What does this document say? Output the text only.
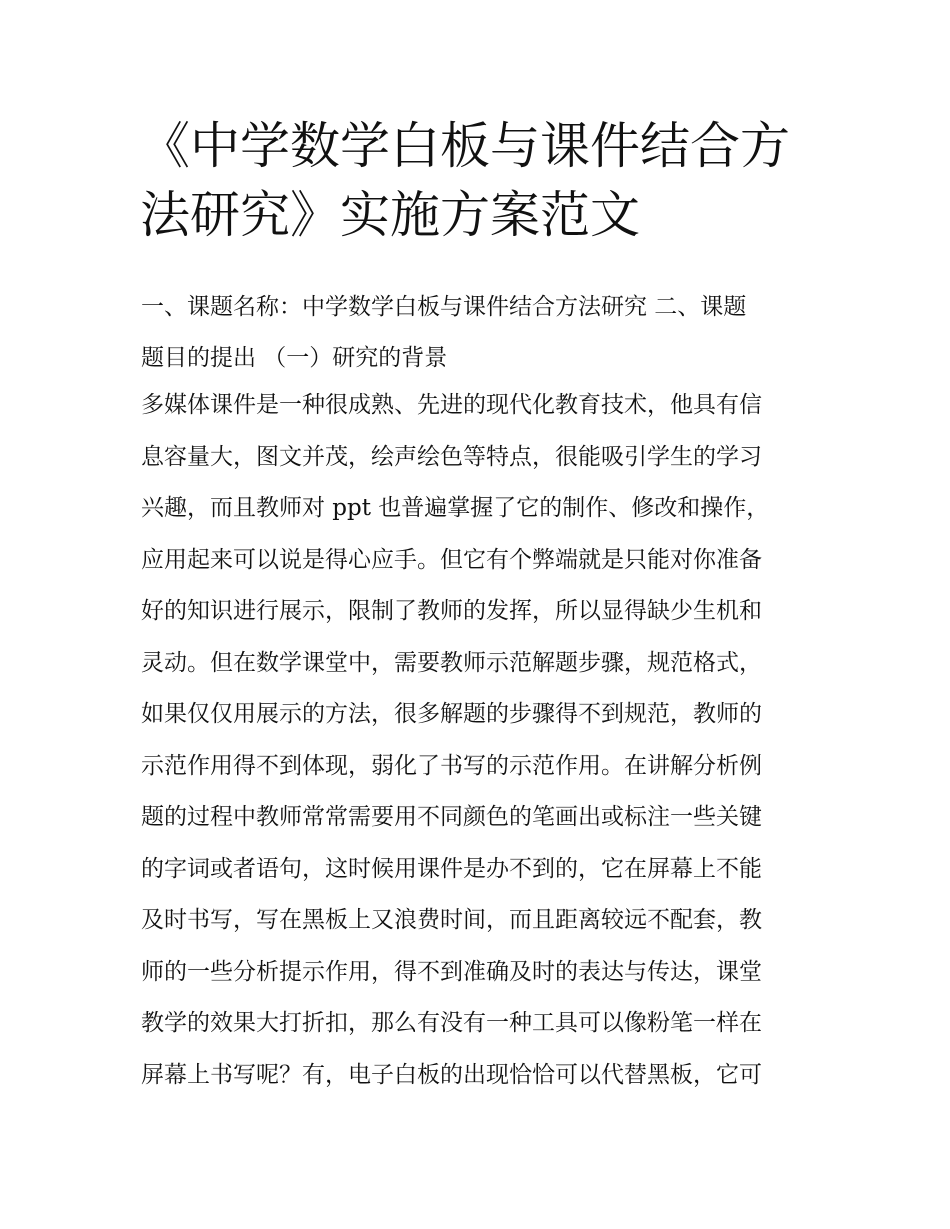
《中学数学白板与课件结合方
法研究》实施方案范文
一、课题名称：中学数学白板与课件结合方法研究 二、课题
题目的提出 （一）研究的背景
多媒体课件是一种很成熟、先进的现代化教育技术，他具有信
息容量大，图文并茂，绘声绘色等特点，很能吸引学生的学习
兴趣，而且教师对 ppt 也普遍掌握了它的制作、修改和操作，
应用起来可以说是得心应手。但它有个弊端就是只能对你准备
好的知识进行展示，限制了教师的发挥，所以显得缺少生机和
灵动。但在数学课堂中，需要教师示范解题步骤，规范格式，
如果仅仅用展示的方法，很多解题的步骤得不到规范，教师的
示范作用得不到体现，弱化了书写的示范作用。在讲解分析例
题的过程中教师常常需要用不同颜色的笔画出或标注一些关键
的字词或者语句，这时候用课件是办不到的，它在屏幕上不能
及时书写，写在黑板上又浪费时间，而且距离较远不配套，教
师的一些分析提示作用，得不到准确及时的表达与传达，课堂
教学的效果大打折扣，那么有没有一种工具可以像粉笔一样在
屏幕上书写呢？有，电子白板的出现恰恰可以代替黑板，它可
